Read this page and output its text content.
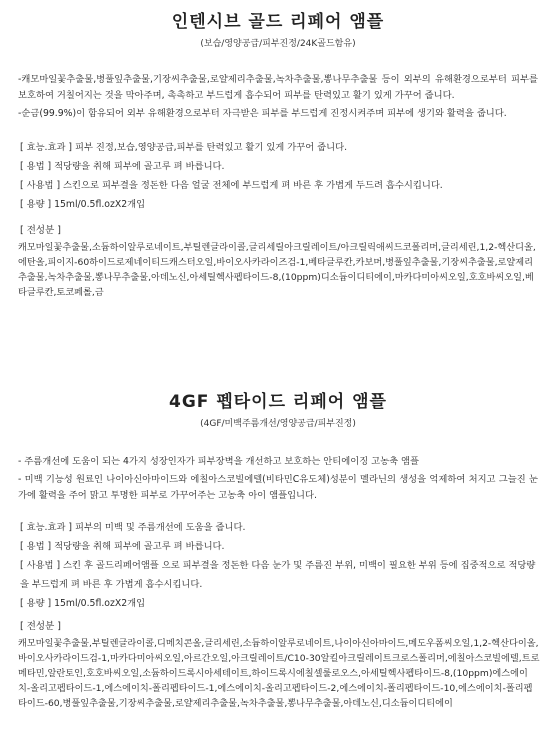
인텐시브 골드 리페어 앰플
(보습/영양공급/피부진정/24K골드함유)

-캐모마일꽃추출물,병풀잎추출물,기장씨추출물,로얄제리추출물,녹차추출물,뽕나무추출물 등이 외부의 유해환경으로부터 피부를 보호하여 거칠어지는 것을 막아주며, 촉촉하고 부드럽게 흡수되어 피부를 탄력있고 활기 있게 가꾸어 줍니다.

-순금(99.9%)이 함유되어 외부 유해환경으로부터 자극받은 피부를 부드럽게 진정시켜주며 피부에 생기와 활력을 줍니다.

[ 효능.효과 ] 피부 진정,보습,영양공급,피부를 탄력있고 활기 있게 가꾸어 줍니다.

[ 용법 ] 적당량을 취해 피부에 골고루 펴 바릅니다.

[ 사용법 ] 스킨으로 피부결을 정돈한 다음 얼굴 전체에 부드럽게 펴 바른 후 가볍게 두드려 흡수시킵니다.

[ 용량 ] 15ml/0.5fl.ozX2개입

[ 전성분 ]
캐모마일꽃추출물,소듐하이알루로네이트,부틸렌글라이콜,글리세릴아크릴레이트/아크릴릭애씨드코폴리머,글리세린,1,2-헥산디올,에탄올,피이지-60하이드로제네이티드캐스터오일,바이오사카라이즈검-1,베타글루칸,카보머,병풀잎추출물,기장씨추출물,로얄제리추출물,녹차추출물,뽕나무추출물,아데노신,아세틸헥사펩타이드-8,(10ppm)디소듐이디티에이,마카다미아씨오일,호호바씨오일,베타글루칸,토코페롤,금
4GF 펩타이드 리페어 앰플
(4GF/미백주름개선/영양공급/피부진정)

- 주름개선에 도움이 되는 4가지 성장인자가 피부장벽을 개선하고 보호하는 안티에이징 고농축 앰플

- 미백 기능성 원료인 나이아신아마이드와 에칠아스코빌에텔(비타민C유도체)성분이 멜라닌의 생성을 억제하여 처지고 그늘진 눈가에 활력을 주어 맑고 투명한 피부로 가꾸어주는 고농축 아이 앰플입니다.

[ 효능.효과 ] 피부의 미백 및 주름개선에 도움을 줍니다.

[ 용법 ] 적당량을 취해 피부에 골고루 펴 바릅니다.

[ 사용법 ] 스킨 후 골드리페어앰플 으로 피부결을 정돈한 다음 눈가 및 주름진 부위, 미백이 필요한 부위 등에 집중적으로 적당량을 부드럽게 펴 바른 후 가볍게 흡수시킵니다.

[ 용량 ] 15ml/0.5fl.ozX2개입

[ 전성분 ]
캐모마일꽃추출물,부틸렌글라이콜,디메치콘올,글리세린,소듐하이알루로네이트,나이아신아마이드,메도우폼씨오일,1,2-헥산다이올,바이오사카라이드검-1,마카다미아씨오일,아르간오일,아크릴레이트/C10-30알킬아크릴레이트크로스폴리머,에칠아스코빌에텔,트로메타민,알란토인,호호바씨오일,소듐하이드록시아세테이트,하이드록시에칠셀룰로오스,아세틸헥사펩타이드-8,(10ppm)에스에이치-올리고펩타이드-1,에스에이치-폴리펩타이드-1,에스에이치-올리고펩타이드-2,에스에이치-폴리펩타이드-10,에스에이치-폴리펩타이드-60,병풀잎추출물,기장씨추출물,로얄제리추출물,녹차추출물,뽕나무추출물,아데노신,디소듐이디티에이
